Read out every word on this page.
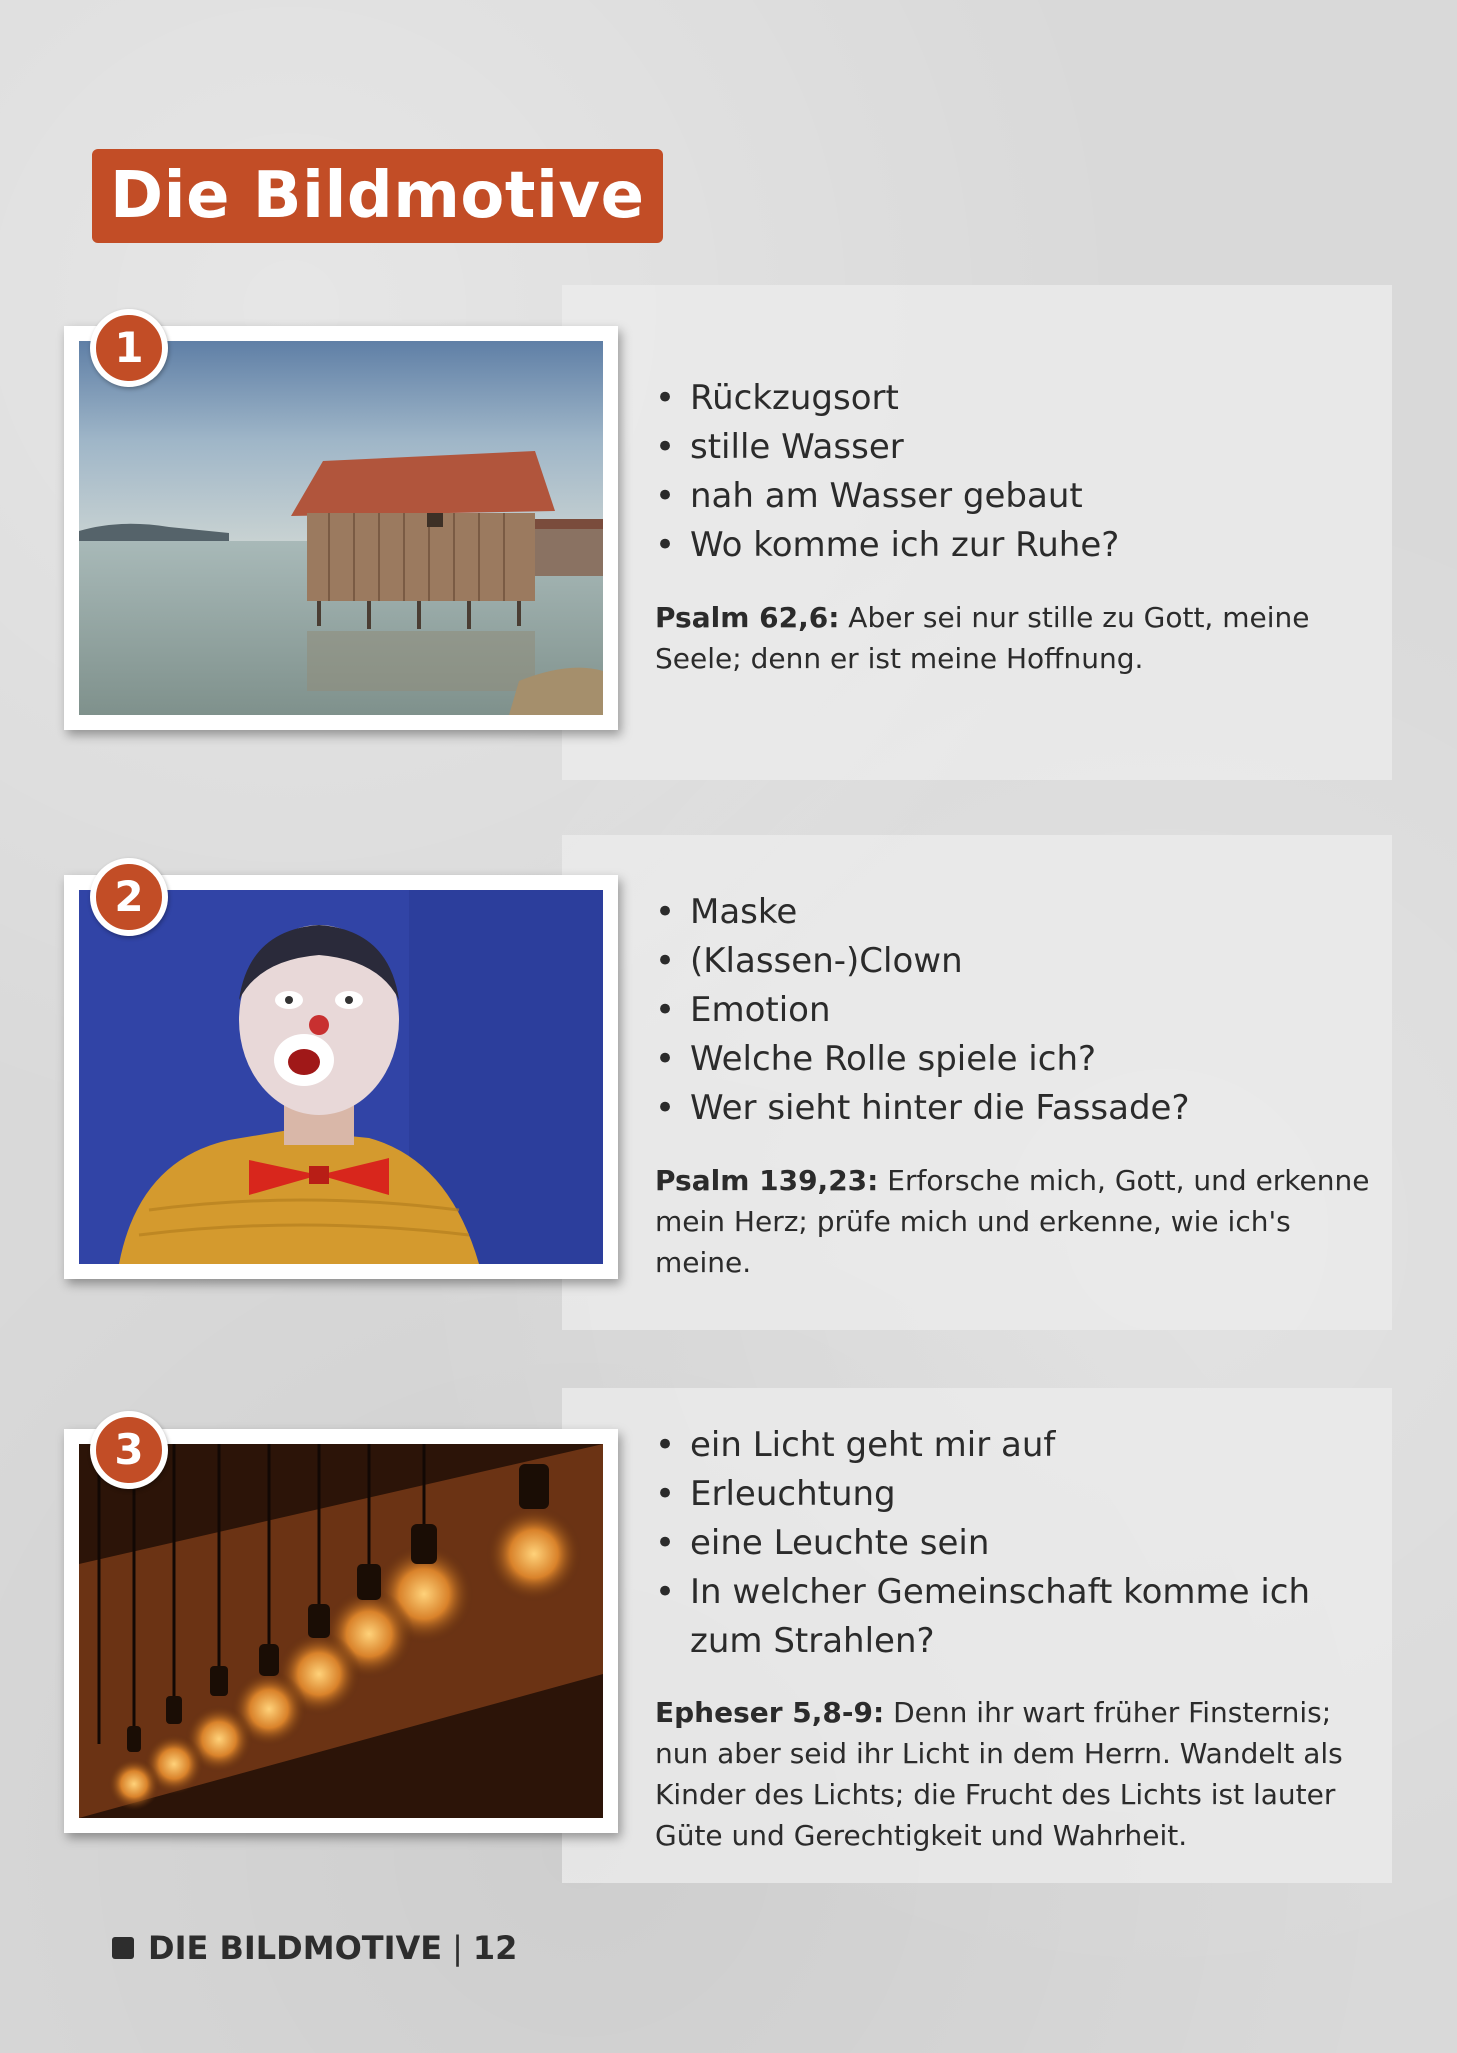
Die Bildmotive
1
• Rückzugsort
• stille Wasser
• nah am Wasser gebaut
• Wo komme ich zur Ruhe?

Psalm 62,6: Aber sei nur stille zu Gott, meine Seele; denn er ist meine Hoffnung.

2	• Maske
• (Klassen-)Clown
• Emotion
• Welche Rolle spiele ich?
• Wer sieht hinter die Fassade?

Psalm 139,23: Erforsche mich, Gott, und erkenne mein Herz; prüfe mich und erkenne, wie ich's meine.

3	• ein Licht geht mir auf
• Erleuchtung
• eine Leuchte sein
• In welcher Gemeinschaft komme ich
zum Strahlen?

Epheser 5,8-9: Denn ihr wart früher Finsternis; nun aber seid ihr Licht in dem Herrn. Wandelt als Kinder des Lichts; die Frucht des Lichts ist lauter Güte und Gerechtigkeit und Wahrheit.

DIE BILDMOTIVE | 12
